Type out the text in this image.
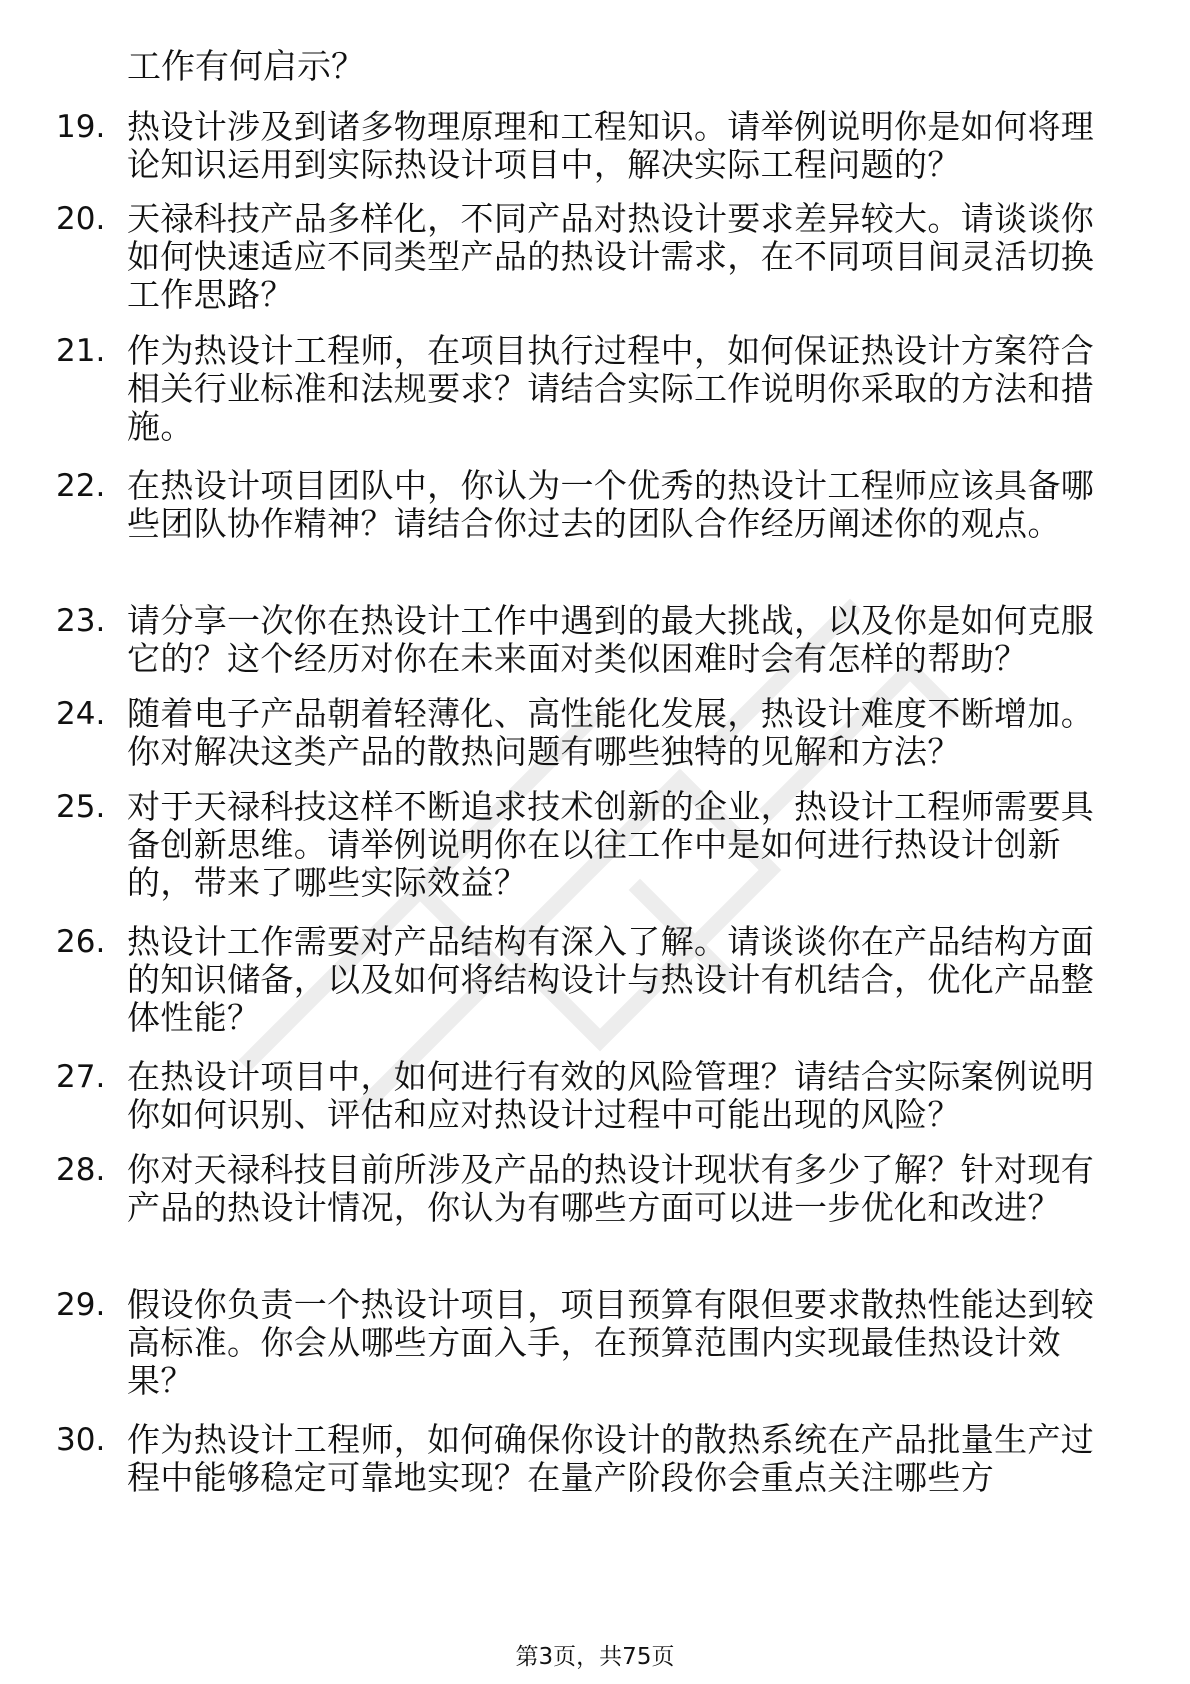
工作有何启示？

19. 热设计涉及到诸多物理原理和工程知识。请举例说明你是如何将理论知识运用到实际热设计项目中，解决实际工程问题的？
20. 天禄科技产品多样化，不同产品对热设计要求差异较大。请谈谈你如何快速适应不同类型产品的热设计需求，在不同项目间灵活切换工作思路？
21. 作为热设计工程师，在项目执行过程中，如何保证热设计方案符合相关行业标准和法规要求？请结合实际工作说明你采取的方法和措施。
22. 在热设计项目团队中，你认为一个优秀的热设计工程师应该具备哪些团队协作精神？请结合你过去的团队合作经历阐述你的观点。
23. 请分享一次你在热设计工作中遇到的最大挑战，以及你是如何克服它的？这个经历对你在未来面对类似困难时会有怎样的帮助？
24. 随着电子产品朝着轻薄化、高性能化发展，热设计难度不断增加。你对解决这类产品的散热问题有哪些独特的见解和方法？
25. 对于天禄科技这样不断追求技术创新的企业，热设计工程师需要具备创新思维。请举例说明你在以往工作中是如何进行热设计创新的，带来了哪些实际效益？
26. 热设计工作需要对产品结构有深入了解。请谈谈你在产品结构方面的知识储备，以及如何将结构设计与热设计有机结合，优化产品整体性能？
27. 在热设计项目中，如何进行有效的风险管理？请结合实际案例说明你如何识别、评估和应对热设计过程中可能出现的风险？
28. 你对天禄科技目前所涉及产品的热设计现状有多少了解？针对现有产品的热设计情况，你认为有哪些方面可以进一步优化和改进？
29. 假设你负责一个热设计项目，项目预算有限但要求散热性能达到较高标准。你会从哪些方面入手，在预算范围内实现最佳热设计效果？
30. 作为热设计工程师，如何确保你设计的散热系统在产品批量生产过程中能够稳定可靠地实现？在量产阶段你会重点关注哪些方
第3页，共75页
